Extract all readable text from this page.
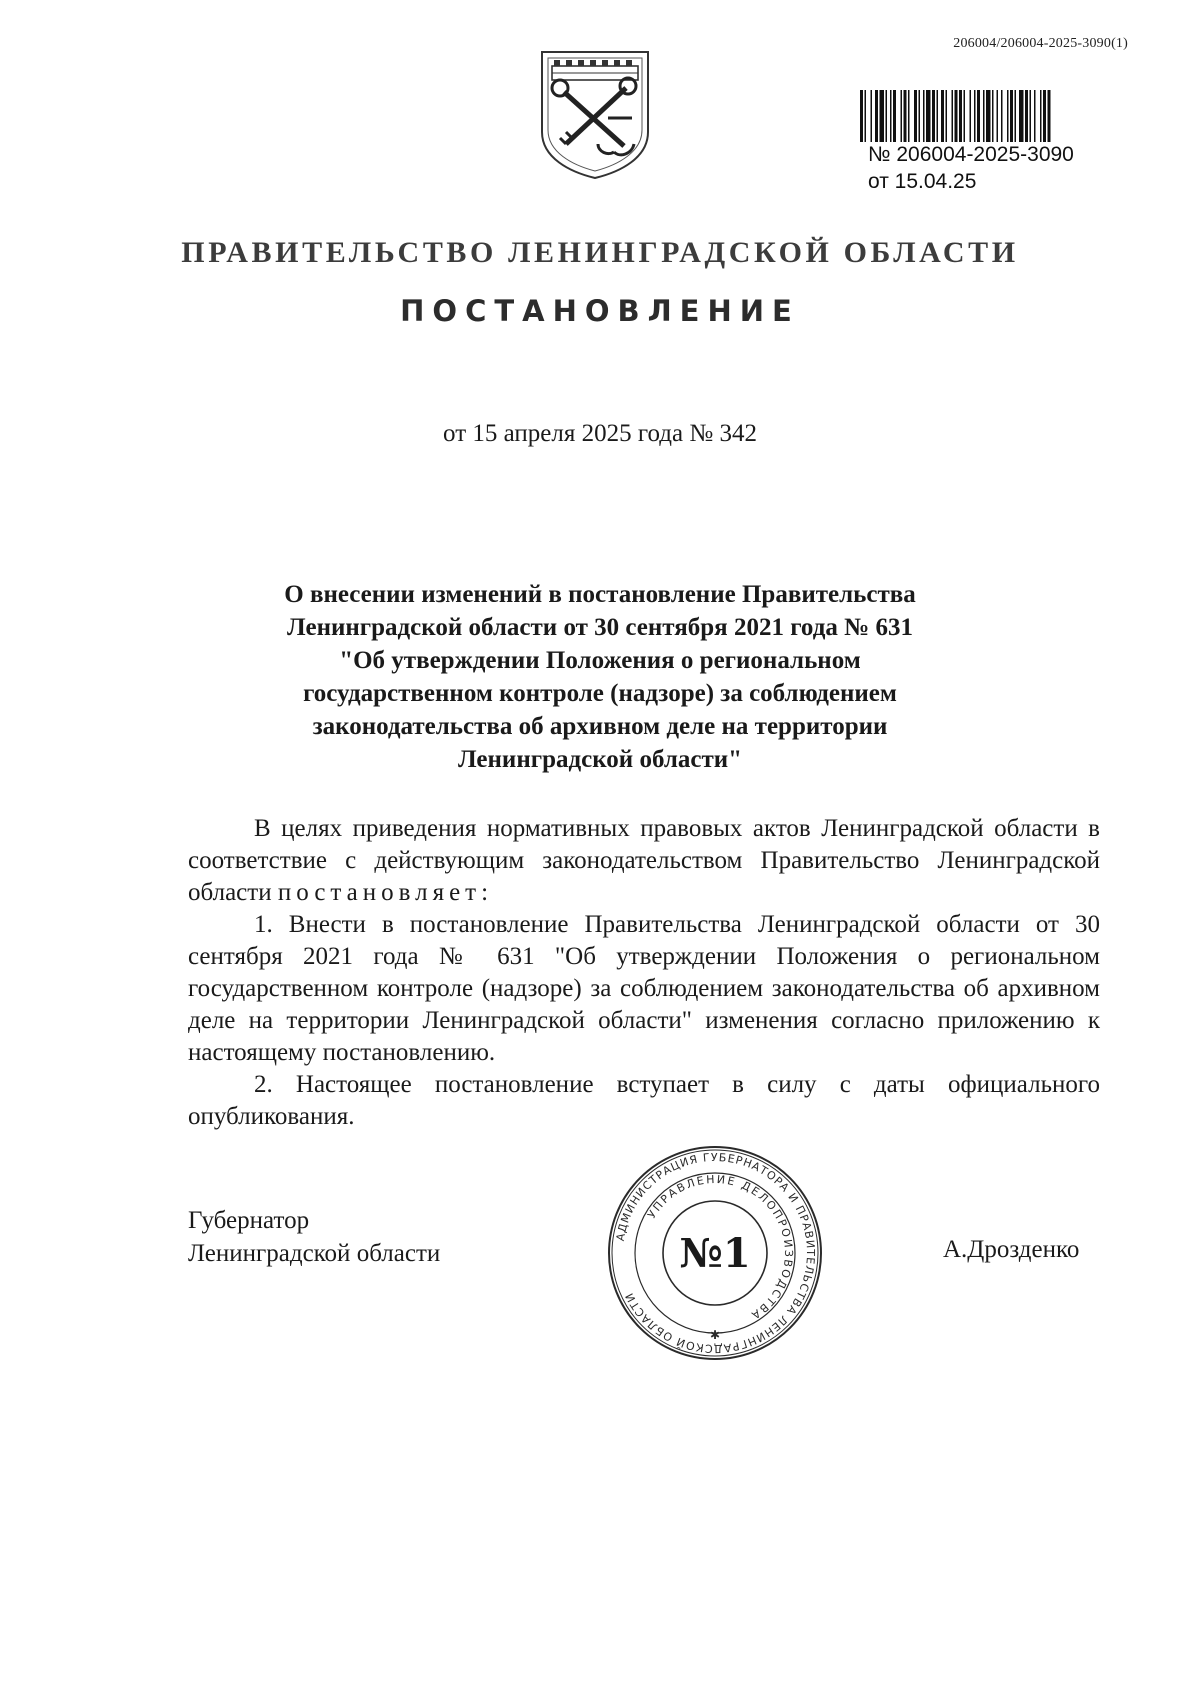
206004/206004-2025-3090(1)
№ 206004-2025-3090
от 15.04.25
ПРАВИТЕЛЬСТВО ЛЕНИНГРАДСКОЙ ОБЛАСТИ
ПОСТАНОВЛЕНИЕ
от 15 апреля 2025 года № 342
О внесении изменений в постановление Правительства
Ленинградской области от 30 сентября 2021 года № 631
"Об утверждении Положения о региональном
государственном контроле (надзоре) за соблюдением
законодательства об архивном деле на территории
Ленинградской области"

В целях приведения нормативных правовых актов Ленинградской области в соответствие с действующим законодательством Правительство Ленинградской области постановляет:

1. Внести в постановление Правительства Ленинградской области от 30 сентября 2021 года № 631 "Об утверждении Положения о региональном государственном контроле (надзоре) за соблюдением законодательства об архивном деле на территории Ленинградской области" изменения согласно приложению к настоящему постановлению.

2. Настоящее постановление вступает в силу с даты официального опубликования.

Губернатор
Ленинградской области
АДМИНИСТРАЦИЯ ГУБЕРНАТОРА И ПРАВИТЕЛЬСТВА ЛЕНИНГРАДСКОЙ ОБЛАСТИ
УПРАВЛЕНИЕ ДЕЛОПРОИЗВОДСТВА
№1
✱
А.Дрозденко
